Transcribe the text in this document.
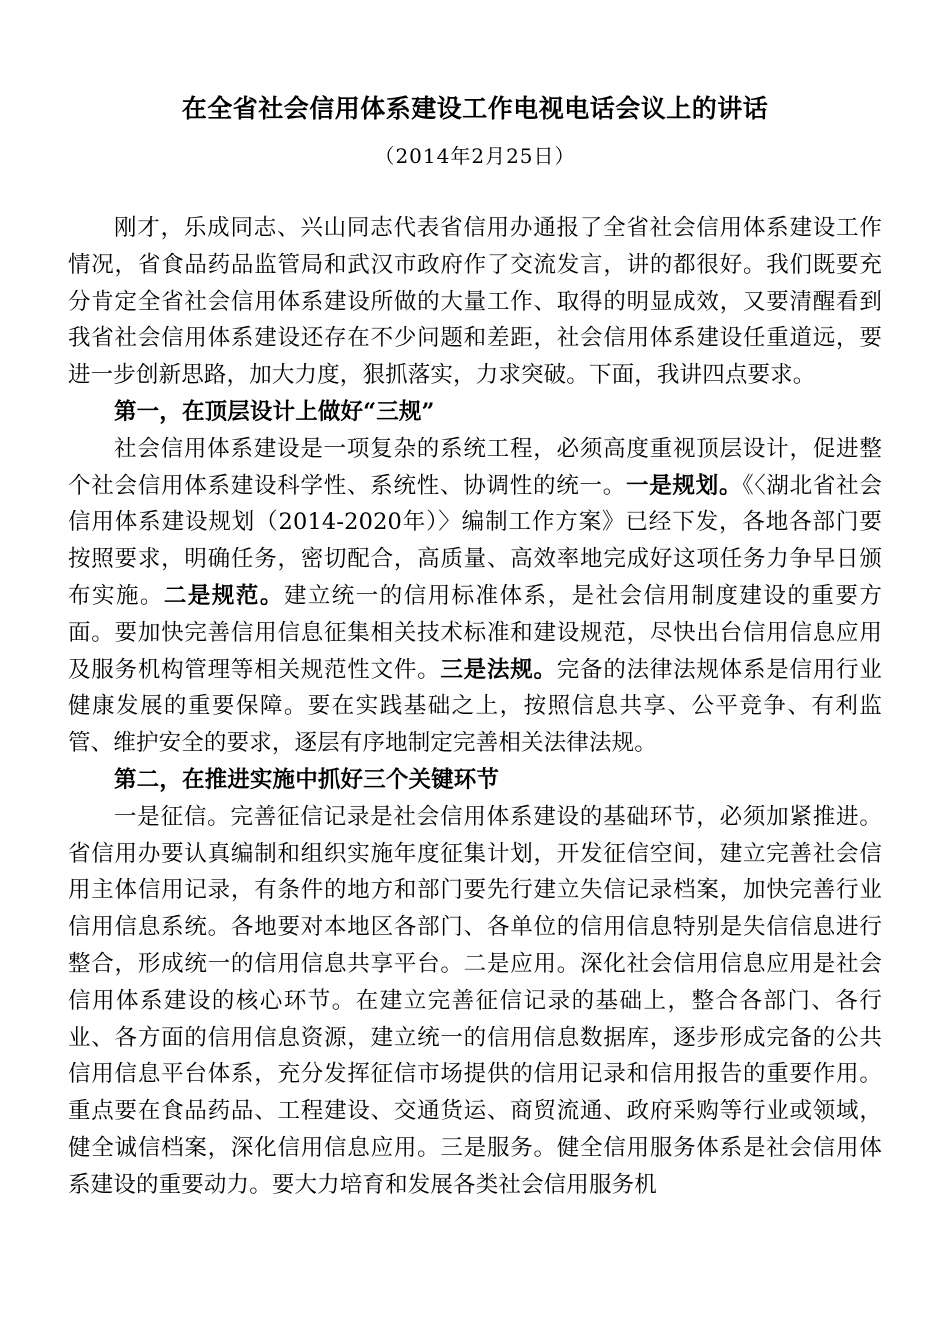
在全省社会信用体系建设工作电视电话会议上的讲话
（2014年2月25日）

刚才，乐成同志、兴山同志代表省信用办通报了全省社会信用体系建设工作情况，省食品药品监管局和武汉市政府作了交流发言，讲的都很好。我们既要充分肯定全省社会信用体系建设所做的大量工作、取得的明显成效，又要清醒看到我省社会信用体系建设还存在不少问题和差距，社会信用体系建设任重道远，要进一步创新思路，加大力度，狠抓落实，力求突破。下面，我讲四点要求。

第一，在顶层设计上做好“三规”

社会信用体系建设是一项复杂的系统工程，必须高度重视顶层设计，促进整个社会信用体系建设科学性、系统性、协调性的统一。一是规划。《〈湖北省社会信用体系建设规划（2014-2020年）〉编制工作方案》已经下发，各地各部门要按照要求，明确任务，密切配合，高质量、高效率地完成好这项任务力争早日颁布实施。二是规范。建立统一的信用标准体系，是社会信用制度建设的重要方面。要加快完善信用信息征集相关技术标准和建设规范，尽快出台信用信息应用及服务机构管理等相关规范性文件。三是法规。完备的法律法规体系是信用行业健康发展的重要保障。要在实践基础之上，按照信息共享、公平竞争、有利监管、维护安全的要求，逐层有序地制定完善相关法律法规。

第二，在推进实施中抓好三个关键环节

一是征信。完善征信记录是社会信用体系建设的基础环节，必须加紧推进。省信用办要认真编制和组织实施年度征集计划，开发征信空间，建立完善社会信用主体信用记录，有条件的地方和部门要先行建立失信记录档案，加快完善行业信用信息系统。各地要对本地区各部门、各单位的信用信息特别是失信信息进行整合，形成统一的信用信息共享平台。二是应用。深化社会信用信息应用是社会信用体系建设的核心环节。在建立完善征信记录的基础上，整合各部门、各行业、各方面的信用信息资源，建立统一的信用信息数据库，逐步形成完备的公共信用信息平台体系，充分发挥征信市场提供的信用记录和信用报告的重要作用。重点要在食品药品、工程建设、交通货运、商贸流通、政府采购等行业或领域，健全诚信档案，深化信用信息应用。三是服务。健全信用服务体系是社会信用体系建设的重要动力。要大力培育和发展各类社会信用服务机
